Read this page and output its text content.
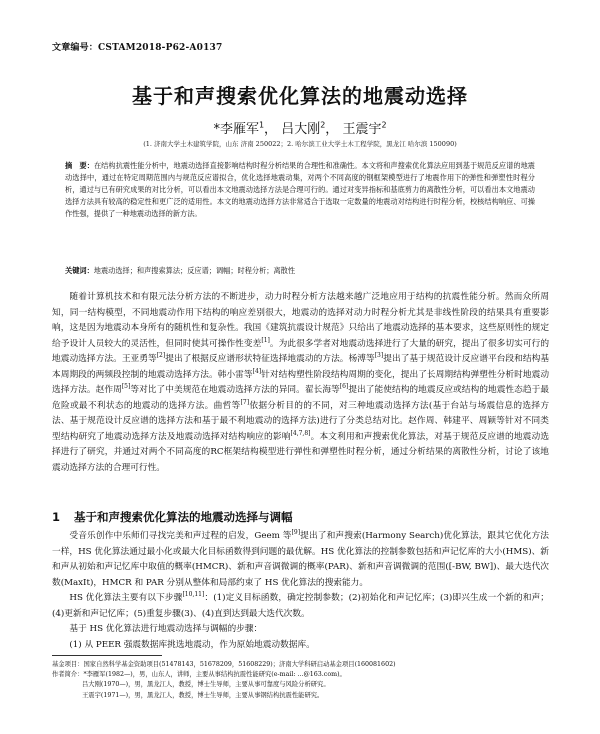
文章编号：CSTAM2018-P62-A0137
基于和声搜索优化算法的地震动选择
*李雁军$^1$， 吕大刚$^2$， 王震宇$^2$
(1. 济南大学土木建筑学院，山东 济南 250022；2. 哈尔滨工业大学土木工程学院，黑龙江 哈尔滨 150090)
摘　要：在结构抗震性能分析中，地震动选择直接影响结构时程分析结果的合理性和准确性。本文将和声搜索优化算法应用到基于规范反应谱的地震动选择中，通过在特定周期范围内与规范反应谱拟合，优化选择地震动集，对两个不同高度的钢框架模型进行了地震作用下的弹性和弹塑性时程分析，通过与已有研究成果的对比分析，可以看出本文地震动选择方法是合理可行的。通过对变异指标和基底剪力的离散性分析，可以看出本文地震动选择方法具有较高的稳定性和更广泛的适用性。本文的地震动选择方法非常适合于选取一定数量的地震动对结构进行时程分析，校核结构响应、可操作性强，提供了一种地震动选择的新方法。
关键词：地震动选择；和声搜索算法；反应谱；调幅；时程分析；离散性

随着计算机技术和有限元法分析方法的不断进步，动力时程分析方法越来越广泛地应用于结构的抗震性能分析。然而众所周知，同一结构模型，不同地震动作用下结构的响应差别很大，地震动的选择对动力时程分析尤其是非线性阶段的结果具有重要影响，这是因为地震动本身所有的随机性和复杂性。我国《建筑抗震设计规范》只给出了地震动选择的基本要求，这些原则性的规定给予设计人员较大的灵活性，但同时使其可操作性变差[1]。为此很多学者对地震动选择进行了大量的研究，提出了很多切实可行的地震动选择方法。王亚勇等[2]提出了根据反应谱形状特征选择地震动的方法。杨溥等[3]提出了基于规范设计反应谱平台段和结构基本周期段的两频段控制的地震动选择方法。韩小雷等[4]针对结构塑性阶段结构周期的变化，提出了长周期结构弹塑性分析时地震动选择方法。赵作周[5]等对比了中美规范在地震动选择方法的异同。翟长海等[6]提出了能使结构的地震反应或结构的地震性态趋于最危险或最不利状态的地震动的选择方法。曲哲等[7]依据分析目的的不同，对三种地震动选择方法(基于台站与场震信息的选择方法、基于规范设计反应谱的选择方法和基于最不利地震动的选择方法)进行了分类总结对比。赵作周、韩建平、周颖等针对不同类型结构研究了地震动选择方法及地震动选择对结构响应的影响[4,7,8]。本文利用和声搜索优化算法，对基于规范反应谱的地震动选择进行了研究，并通过对两个不同高度的RC框架结构模型进行弹性和弹塑性时程分析，通过分析结果的离散性分析，讨论了该地震动选择方法的合理可行性。

1 基于和声搜索优化算法的地震动选择与调幅

受音乐创作中乐师们寻找完美和声过程的启发，Geem 等[9]提出了和声搜索(Harmony Search)优化算法，跟其它优化方法一样，HS 优化算法通过最小化或最大化目标函数得到问题的最优解。HS 优化算法的控制参数包括和声记忆库的大小(HMS)、新和声从初始和声记忆库中取值的概率(HMCR)、新和声音调微调的概率(PAR)、新和声音调微调的范围([-BW, BW])、最大迭代次数(MaxIt)，HMCR 和 PAR 分别从整体和局部约束了 HS 优化算法的搜索能力。

HS 优化算法主要有以下步骤[10,11]：(1)定义目标函数，确定控制参数；(2)初始化和声记忆库；(3)即兴生成一个新的和声；(4)更新和声记忆库；(5)重复步骤(3)、(4)直到达到最大迭代次数。

基于 HS 优化算法进行地震动选择与调幅的步骤：

(1) 从 PEER 强震数据库挑选地震动，作为原始地震动数据库。

基金项目：国家自然科学基金资助项目(51478143，51678209，51608229)；济南大学科研启动基金项目(160081602)
作者简介：*李雁军(1982—)，男，山东人，讲师，主要从事结构抗震性能研究(e-mail: ...@163.com)。
吕大刚(1970—)，男，黑龙江人，教授，博士生导师，主要从事可靠度与风险分析研究。
王震宇(1971—)，男，黑龙江人，教授，博士生导师，主要从事钢结构抗震性能研究。
